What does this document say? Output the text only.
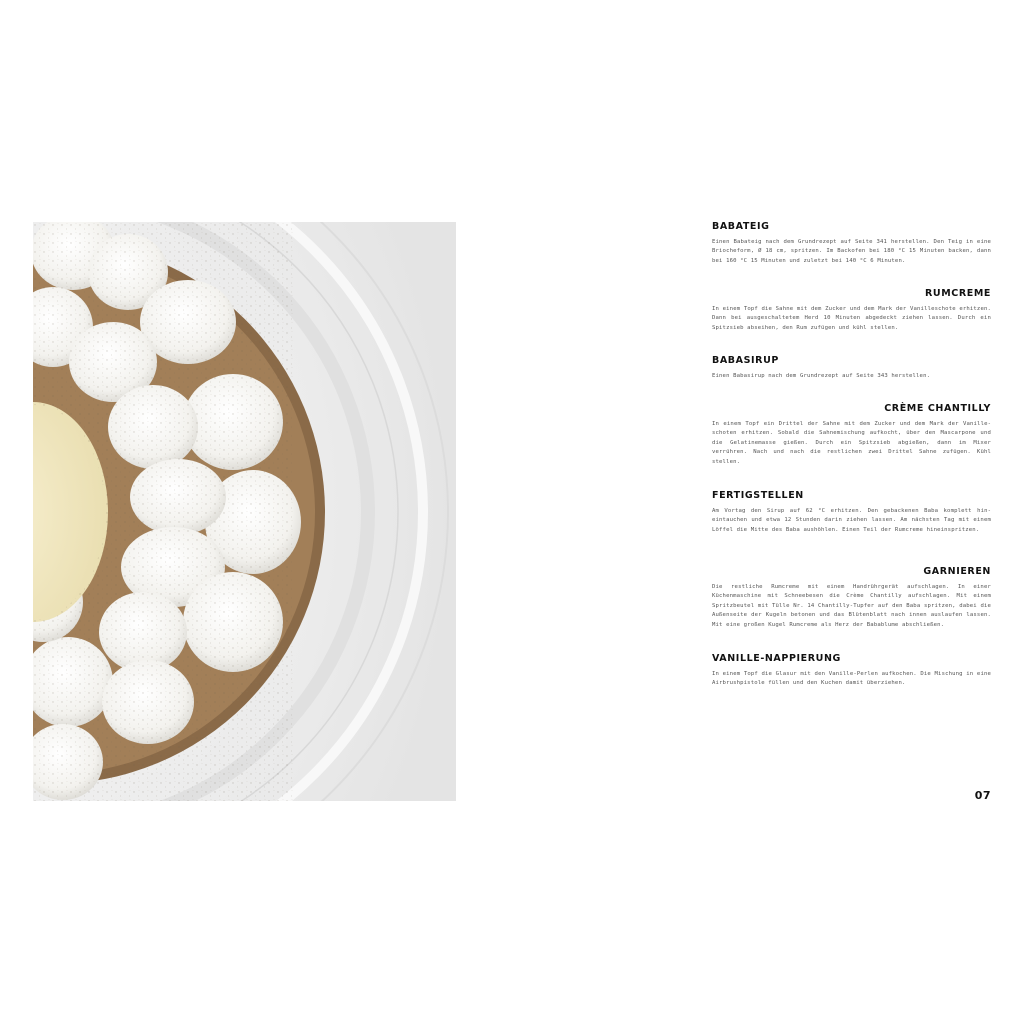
BABATEIG

Einen Babateig nach dem Grundrezept auf Seite 341 herstellen. Den Teig in eine Briocheform, Ø 18 cm, spritzen. Im Backofen bei 180 °C 15 Minuten backen, dann bei 160 °C 15 Minuten und zuletzt bei 140 °C 6 Minuten.

RUMCREME

In einem Topf die Sahne mit dem Zucker und dem Mark der Vanilleschote erhitzen. Dann bei ausgeschaltetem Herd 10 Minuten abgedeckt ziehen lassen. Durch ein Spitzsieb abseihen, den Rum zufügen und kühl stellen.

BABASIRUP

Einen Babasirup nach dem Grundrezept auf Seite 343 herstellen.

CRÈME CHANTILLY

In einem Topf ein Drittel der Sahne mit dem Zucker und dem Mark der Vanilleschoten erhitzen. Sobald die Sahnemischung aufkocht, über den Mascarpone und die Gelatinemasse gießen. Durch ein Spitzsieb abgießen, dann im Mixer verrühren. Nach und nach die restlichen zwei Drittel Sahne zufügen. Kühl stellen.

FERTIGSTELLEN

Am Vortag den Sirup auf 62 °C erhitzen. Den gebackenen Baba komplett hineintauchen und etwa 12 Stunden darin ziehen lassen. Am nächsten Tag mit einem Löffel die Mitte des Baba aushöhlen. Einen Teil der Rumcreme hineinspritzen.

GARNIEREN

Die restliche Rumcreme mit einem Handrührgerät aufschlagen. In einer Küchenmaschine mit Schneebesen die Crème Chantilly aufschlagen. Mit einem Spritzbeutel mit Tülle Nr. 14 Chantilly-Tupfer auf den Baba spritzen, dabei die Außenseite der Kugeln betonen und das Blütenblatt nach innen auslaufen lassen. Mit eine großen Kugel Rumcreme als Herz der Babablume abschließen.

VANILLE-NAPPIERUNG

In einem Topf die Glasur mit den Vanille-Perlen aufkochen. Die Mischung in eine Airbrushpistole füllen und den Kuchen damit überziehen.

07
